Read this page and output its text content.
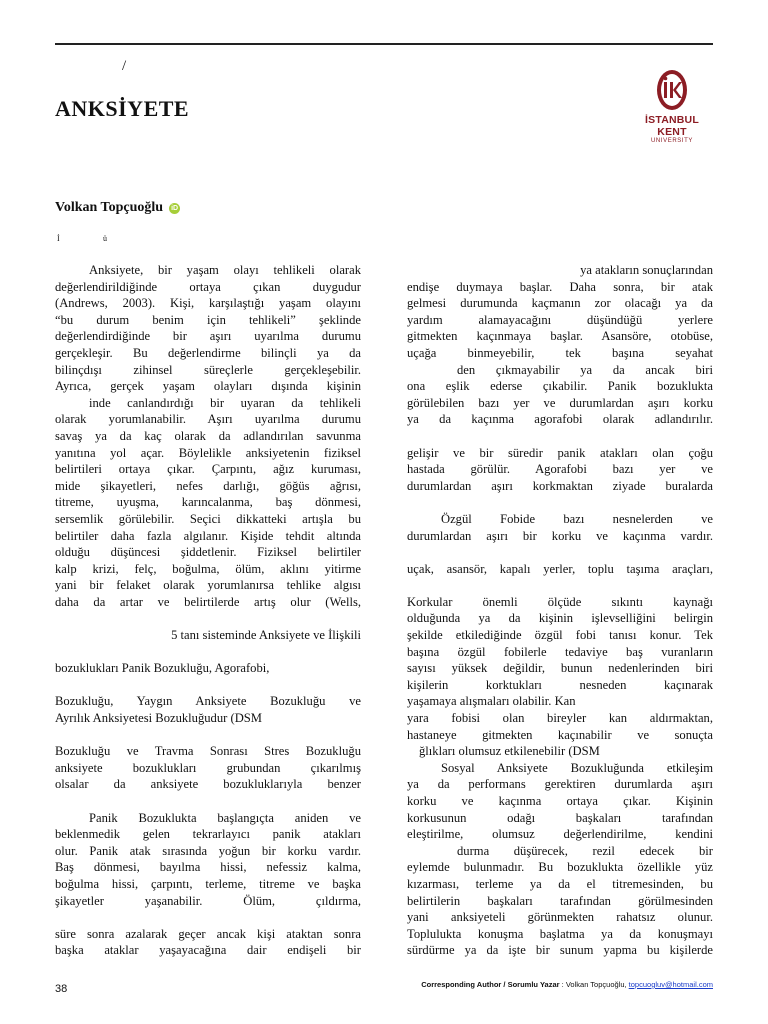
/
ANKSİYETE	İSTANBUL KENT
UNIVERSITY
Volkan Topçuoğlu iD
İ	ü
Anksiyete, bir yaşam olayı tehlikeli olarak
değerlendirildiğinde ortaya çıkan duygudur
(Andrews, 2003). Kişi, karşılaştığı yaşam olayını
“bu durum benim için tehlikeli” şeklinde
değerlendirdiğinde bir aşırı uyarılma durumu
gerçekleşir. Bu değerlendirme bilinçli ya da
bilinçdışı zihinsel süreçlerle gerçekleşebilir.
Ayrıca, gerçek yaşam olayları dışında kişinin
inde canlandırdığı bir uyaran da tehlikeli
olarak yorumlanabilir. Aşırı uyarılma durumu
savaş ya da kaç olarak da adlandırılan savunma
yanıtına yol açar. Böylelikle anksiyetenin fiziksel
belirtileri ortaya çıkar. Çarpıntı, ağız kuruması,
mide şikayetleri, nefes darlığı, göğüs ağrısı,
titreme, uyuşma, karıncalanma, baş dönmesi,
sersemlik görülebilir. Seçici dikkatteki artışla bu
belirtiler daha fazla algılanır. Kişide tehdit altında
olduğu düşüncesi şiddetlenir. Fiziksel belirtiler
kalp krizi, felç, boğulma, ölüm, aklını yitirme
yani bir felaket olarak yorumlanırsa tehlike algısı
daha da artar ve belirtilerde artış olur (Wells,
5 tanı sisteminde Anksiyete ve İlişkili
bozuklukları Panik Bozukluğu, Agorafobi,
Bozukluğu, Yaygın Anksiyete Bozukluğu ve
Ayrılık Anksiyetesi Bozukluğudur (DSM
Bozukluğu ve Travma Sonrası Stres Bozukluğu
anksiyete bozuklukları grubundan çıkarılmış
olsalar da anksiyete bozukluklarıyla benzer
Panik Bozuklukta başlangıçta aniden ve
beklenmedik gelen tekrarlayıcı panik atakları
olur. Panik atak sırasında yoğun bir korku vardır.
Baş dönmesi, bayılma hissi, nefessiz kalma,
boğulma hissi, çarpıntı, terleme, titreme ve başka
şikayetler yaşanabilir. Ölüm, çıldırma,
süre sonra azalarak geçer ancak kişi ataktan sonra
başka ataklar yaşayacağına dair endişeli bir
ya atakların sonuçlarından
endişe duymaya başlar. Daha sonra, bir atak
gelmesi durumunda kaçmanın zor olacağı ya da
yardım alamayacağını düşündüğü yerlere
gitmekten kaçınmaya başlar. Asansöre, otobüse,
uçağa binmeyebilir, tek başına seyahat
den çıkmayabilir ya da ancak biri
ona eşlik ederse çıkabilir. Panik bozuklukta
görülebilen bazı yer ve durumlardan aşırı korku
ya da kaçınma agorafobi olarak adlandırılır.
gelişir ve bir süredir panik atakları olan çoğu
hastada görülür. Agorafobi bazı yer ve
durumlardan aşırı korkmaktan ziyade buralarda
Özgül Fobide bazı nesnelerden ve
durumlardan aşırı bir korku ve kaçınma vardır.
uçak, asansör, kapalı yerler, toplu taşıma araçları,
Korkular önemli ölçüde sıkıntı kaynağı
olduğunda ya da kişinin işlevselliğini belirgin
şekilde etkilediğinde özgül fobi tanısı konur. Tek
başına özgül fobilerle tedaviye baş vuranların
sayısı yüksek değildir, bunun nedenlerinden biri
kişilerin korktukları nesneden kaçınarak
yaşamaya alışmaları olabilir. Kan
yara fobisi olan bireyler kan aldırmaktan,
hastaneye gitmekten kaçınabilir ve sonuçta
ğlıkları olumsuz etkilenebilir (DSM
Sosyal Anksiyete Bozukluğunda etkileşim
ya da performans gerektiren durumlarda aşırı
korku ve kaçınma ortaya çıkar. Kişinin
korkusunun odağı başkaları tarafından
eleştirilme, olumsuz değerlendirilme, kendini
durma düşürecek, rezil edecek bir
eylemde bulunmadır. Bu bozuklukta özellikle yüz
kızarması, terleme ya da el titremesinden, bu
belirtilerin başkaları tarafından görülmesinden
yani anksiyeteli görünmekten rahatsız olunur.
Toplulukta konuşma başlatma ya da konuşmayı
sürdürme ya da işte bir sunum yapma bu kişilerde
38	Corresponding Author / Sorumlu Yazar : Volkan Topçuoğlu, topcuogluv@hotmail.com
